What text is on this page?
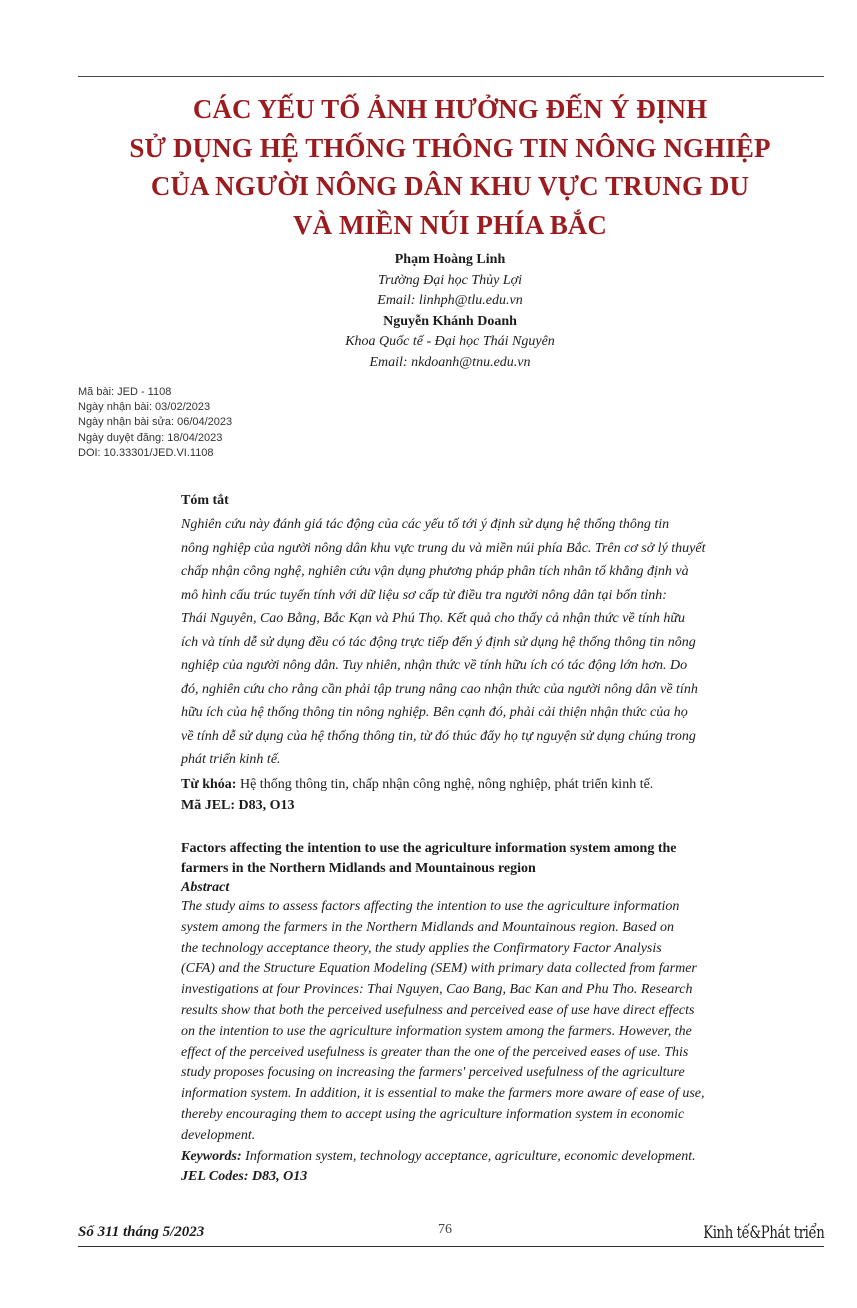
CÁC YẾU TỐ ẢNH HƯỞNG ĐẾN Ý ĐỊNH
SỬ DỤNG HỆ THỐNG THÔNG TIN NÔNG NGHIỆP
CỦA NGƯỜI NÔNG DÂN KHU VỰC TRUNG DU
VÀ MIỀN NÚI PHÍA BẮC
Phạm Hoàng Linh
Trường Đại học Thủy Lợi
Email: linhph@tlu.edu.vn
Nguyễn Khánh Doanh
Khoa Quốc tế - Đại học Thái Nguyên
Email: nkdoanh@tnu.edu.vn
Mã bài: JED - 1108
Ngày nhận bài: 03/02/2023
Ngày nhận bài sửa: 06/04/2023
Ngày duyệt đăng: 18/04/2023
DOI: 10.33301/JED.VI.1108
Tóm tắt

Nghiên cứu này đánh giá tác động của các yếu tố tới ý định sử dụng hệ thống thông tin

nông nghiệp của người nông dân khu vực trung du và miền núi phía Bắc. Trên cơ sở lý thuyết

chấp nhận công nghệ, nghiên cứu vận dụng phương pháp phân tích nhân tố khẳng định và

mô hình cấu trúc tuyến tính với dữ liệu sơ cấp từ điều tra người nông dân tại bốn tỉnh:

Thái Nguyên, Cao Bằng, Bắc Kạn và Phú Thọ. Kết quả cho thấy cả nhận thức về tính hữu

ích và tính dễ sử dụng đều có tác động trực tiếp đến ý định sử dụng hệ thống thông tin nông

nghiệp của người nông dân. Tuy nhiên, nhận thức về tính hữu ích có tác động lớn hơn. Do

đó, nghiên cứu cho rằng cần phải tập trung nâng cao nhận thức của người nông dân về tính

hữu ích của hệ thống thông tin nông nghiệp. Bên cạnh đó, phải cải thiện nhận thức của họ

về tính dễ sử dụng của hệ thống thông tin, từ đó thúc đẩy họ tự nguyện sử dụng chúng trong

phát triển kinh tế.

Từ khóa: Hệ thống thông tin, chấp nhận công nghệ, nông nghiệp, phát triển kinh tế.
Mã JEL: D83, O13
Factors affecting the intention to use the agriculture information system among the
farmers in the Northern Midlands and Mountainous region
Abstract

The study aims to assess factors affecting the intention to use the agriculture information

system among the farmers in the Northern Midlands and Mountainous region. Based on

the technology acceptance theory, the study applies the Confirmatory Factor Analysis

(CFA) and the Structure Equation Modeling (SEM) with primary data collected from farmer

investigations at four Provinces: Thai Nguyen, Cao Bang, Bac Kan and Phu Tho. Research

results show that both the perceived usefulness and perceived ease of use have direct effects

on the intention to use the agriculture information system among the farmers. However, the

effect of the perceived usefulness is greater than the one of the perceived eases of use. This

study proposes focusing on increasing the farmers' perceived usefulness of the agriculture

information system. In addition, it is essential to make the farmers more aware of ease of use,

thereby encouraging them to accept using the agriculture information system in economic

development.

Keywords: Information system, technology acceptance, agriculture, economic development.
JEL Codes: D83, O13
Số 311 tháng 5/2023	76	Kinh tế&Phát triển
